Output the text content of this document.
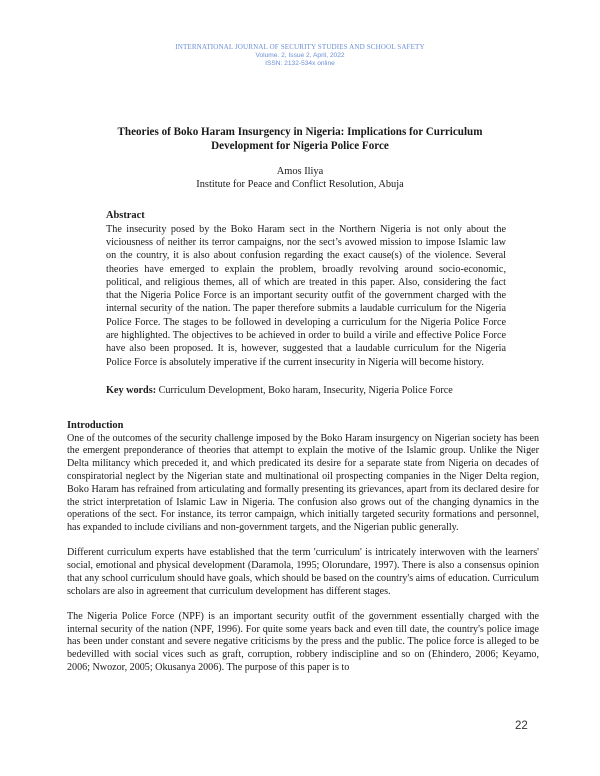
INTERNATIONAL JOURNAL OF SECURITY STUDIES AND SCHOOL SAFETY
Volume. 2, Issue 2, April, 2022
ISSN: 2132-534x online
Theories of Boko Haram Insurgency in Nigeria: Implications for Curriculum Development for Nigeria Police Force
Amos Iliya
Institute for Peace and Conflict Resolution, Abuja
Abstract

The insecurity posed by the Boko Haram sect in the Northern Nigeria is not only about the viciousness of neither its terror campaigns, nor the sect’s avowed mission to impose Islamic law on the country, it is also about confusion regarding the exact cause(s) of the violence. Several theories have emerged to explain the problem, broadly revolving around socio-economic, political, and religious themes, all of which are treated in this paper. Also, considering the fact that the Nigeria Police Force is an important security outfit of the government charged with the internal security of the nation. The paper therefore submits a laudable curriculum for the Nigeria Police Force. The stages to be followed in developing a curriculum for the Nigeria Police Force are highlighted. The objectives to be achieved in order to build a virile and effective Police Force have also been proposed. It is, however, suggested that a laudable curriculum for the Nigeria Police Force is absolutely imperative if the current insecurity in Nigeria will become history.

Key words: Curriculum Development, Boko haram, Insecurity, Nigeria Police Force
Introduction

One of the outcomes of the security challenge imposed by the Boko Haram insurgency on Nigerian society has been the emergent preponderance of theories that attempt to explain the motive of the Islamic group. Unlike the Niger Delta militancy which preceded it, and which predicated its desire for a separate state from Nigeria on decades of conspiratorial neglect by the Nigerian state and multinational oil prospecting companies in the Niger Delta region, Boko Haram has refrained from articulating and formally presenting its grievances, apart from its declared desire for the strict interpretation of Islamic Law in Nigeria. The confusion also grows out of the changing dynamics in the operations of the sect. For instance, its terror campaign, which initially targeted security formations and personnel, has expanded to include civilians and non-government targets, and the Nigerian public generally.

Different curriculum experts have established that the term 'curriculum' is intricately interwoven with the learners' social, emotional and physical development (Daramola, 1995; Olorundare, 1997). There is also a consensus opinion that any school curriculum should have goals, which should be based on the country's aims of education. Curriculum scholars are also in agreement that curriculum development has different stages.

The Nigeria Police Force (NPF) is an important security outfit of the government essentially charged with the internal security of the nation (NPF, 1996). For quite some years back and even till date, the country's police image has been under constant and severe negative criticisms by the press and the public. The police force is alleged to be bedevilled with social vices such as graft, corruption, robbery indiscipline and so on (Ehindero, 2006; Keyamo, 2006; Nwozor, 2005; Okusanya 2006). The purpose of this paper is to

22
